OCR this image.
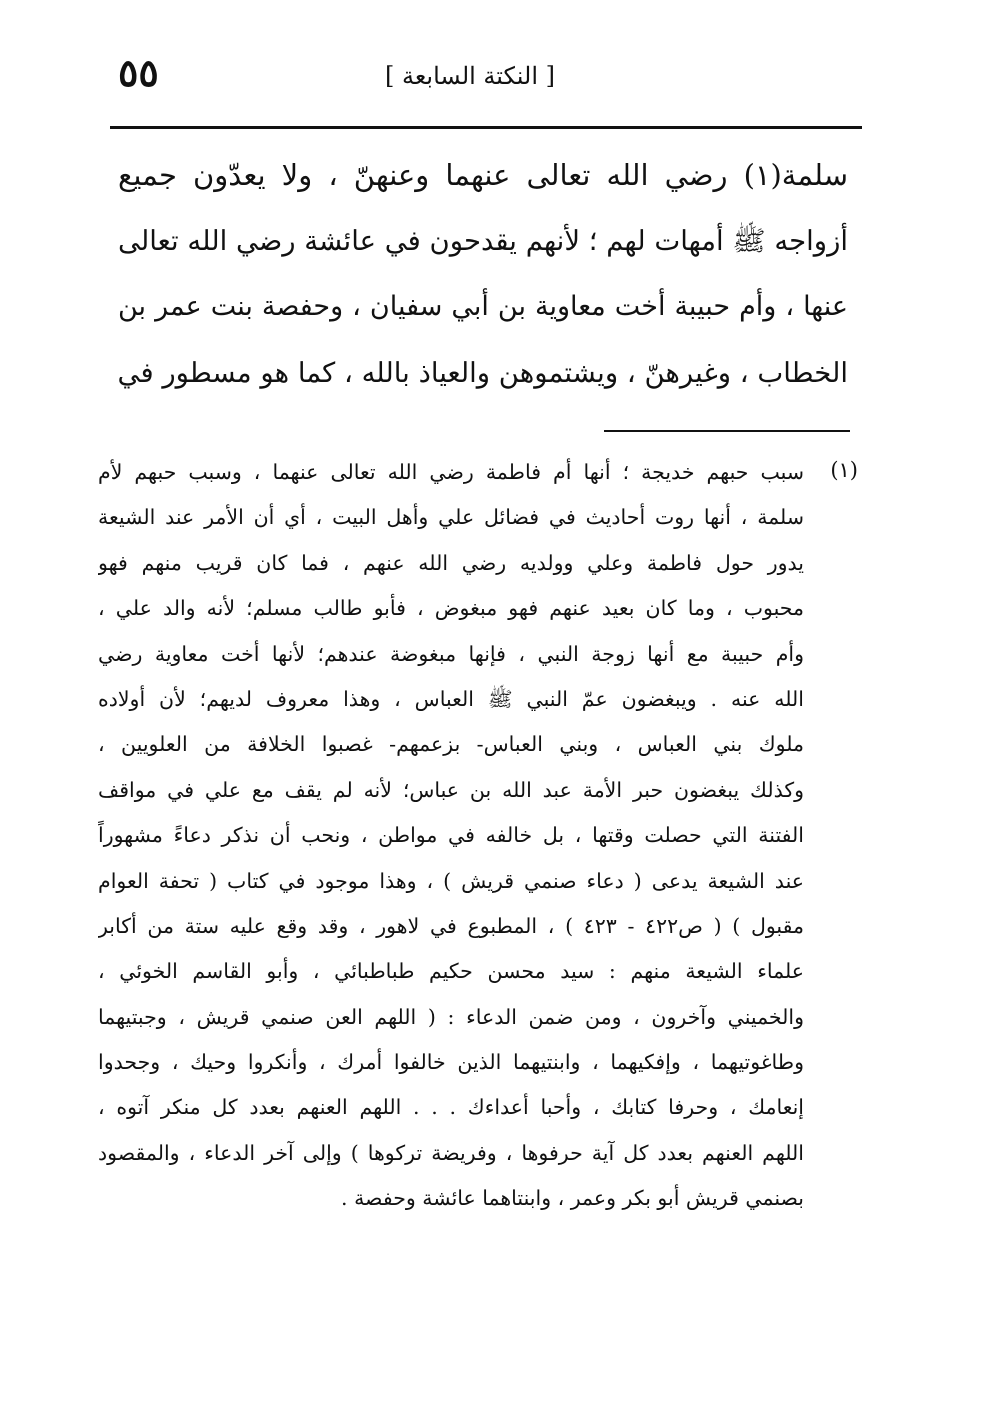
٥٥	[ النكتة السابعة ]
سلمة(١) رضي الله تعالى عنهما وعنهنّ ، ولا يعدّون جميع
أزواجه ﷺ أمهات لهم ؛ لأنهم يقدحون في عائشة رضي الله تعالى
عنها ، وأم حبيبة أخت معاوية بن أبي سفيان ، وحفصة بنت عمر بن
الخطاب ، وغيرهنّ ، ويشتموهن والعياذ بالله ، كما هو مسطور في
(١)
سبب حبهم خديجة ؛ أنها أم فاطمة رضي الله تعالى عنهما ، وسبب حبهم لأم
سلمة ، أنها روت أحاديث في فضائل علي وأهل البيت ، أي أن الأمر عند الشيعة
يدور حول فاطمة وعلي وولديه رضي الله عنهم ، فما كان قريب منهم فهو
محبوب ، وما كان بعيد عنهم فهو مبغوض ، فأبو طالب مسلم؛ لأنه والد علي ،
وأم حبيبة مع أنها زوجة النبي ، فإنها مبغوضة عندهم؛ لأنها أخت معاوية رضي
الله عنه . ويبغضون عمّ النبي ﷺ العباس ، وهذا معروف لديهم؛ لأن أولاده
ملوك بني العباس ، وبني العباس- بزعمهم- غصبوا الخلافة من العلويين ،
وكذلك يبغضون حبر الأمة عبد الله بن عباس؛ لأنه لم يقف مع علي في مواقف
الفتنة التي حصلت وقتها ، بل خالفه في مواطن ، ونحب أن نذكر دعاءً مشهوراً
عند الشيعة يدعى ( دعاء صنمي قريش ) ، وهذا موجود في كتاب ( تحفة العوام
مقبول ) ( ص٤٢٢ - ٤٢٣ ) ، المطبوع في لاهور ، وقد وقع عليه ستة من أكابر
علماء الشيعة منهم : سيد محسن حكيم طباطبائي ، وأبو القاسم الخوئي ،
والخميني وآخرون ، ومن ضمن الدعاء : ( اللهم العن صنمي قريش ، وجبتيهما
وطاغوتيهما ، وإفكيهما ، وابنتيهما الذين خالفوا أمرك ، وأنكروا وحيك ، وجحدوا
إنعامك ، وحرفا كتابك ، وأحبا أعداءك . . . اللهم العنهم بعدد كل منكر آتوه ،
اللهم العنهم بعدد كل آية حرفوها ، وفريضة تركوها ) وإلى آخر الدعاء ، والمقصود
بصنمي قريش أبو بكر وعمر ، وابنتاهما عائشة وحفصة .
